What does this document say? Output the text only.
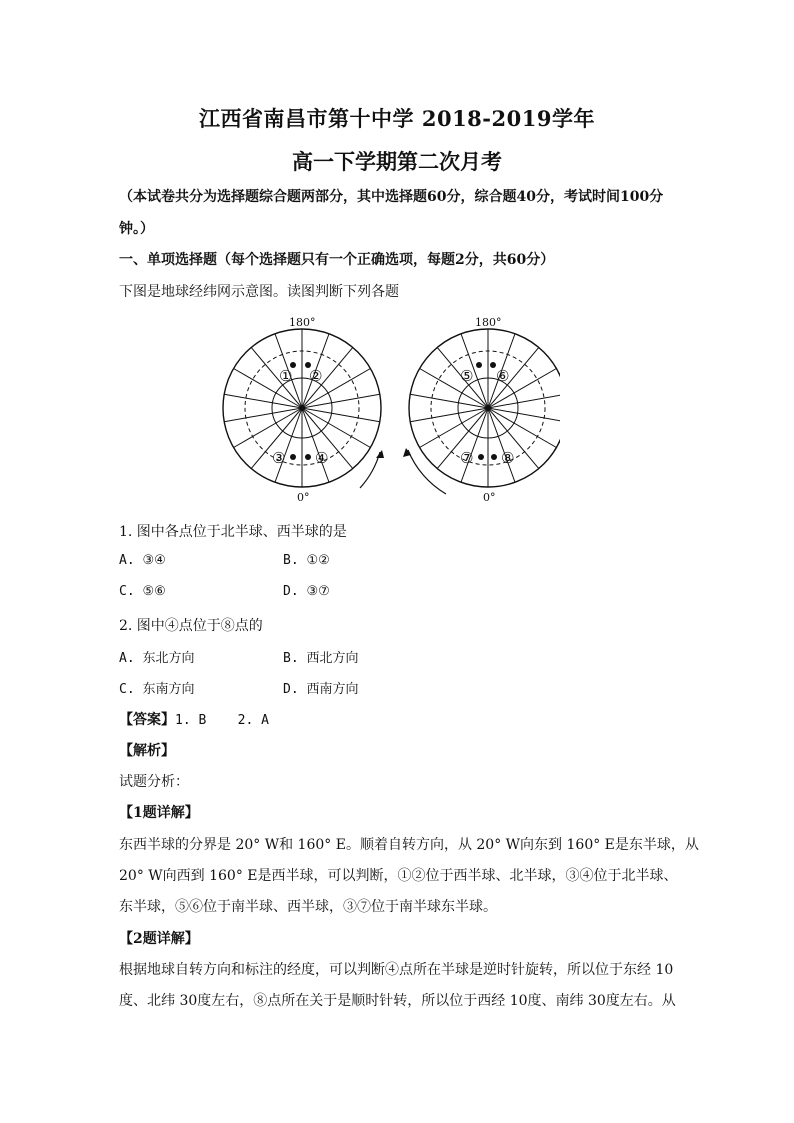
江西省南昌市第十中学 2018-2019学年
高一下学期第二次月考
（本试卷共分为选择题综合题两部分，其中选择题60分，综合题40分，考试时间100分
钟。）
一、单项选择题（每个选择题只有一个正确选项，每题2分，共60分）
下图是地球经纬网示意图。读图判断下列各题
① ②
③ ④
180°
0°
⑤ ⑥
⑦ ⑧
180°
0°
1. 图中各点位于北半球、西半球的是
A. ③④	B. ①②
C. ⑤⑥	D. ③⑦
2. 图中④点位于⑧点的
A. 东北方向	B. 西北方向
C. 东南方向	D. 西南方向
【答案】1. B    2. A
【解析】
试题分析：
【1题详解】
东西半球的分界是 20° W和 160° E。顺着自转方向，从 20° W向东到 160° E是东半球，从
20° W向西到 160° E是西半球，可以判断，①②位于西半球、北半球，③④位于北半球、
东半球，⑤⑥位于南半球、西半球，③⑦位于南半球东半球。
【2题详解】
根据地球自转方向和标注的经度，可以判断④点所在半球是逆时针旋转，所以位于东经 10
度、北纬 30度左右，⑧点所在关于是顺时针转，所以位于西经 10度、南纬 30度左右。从
